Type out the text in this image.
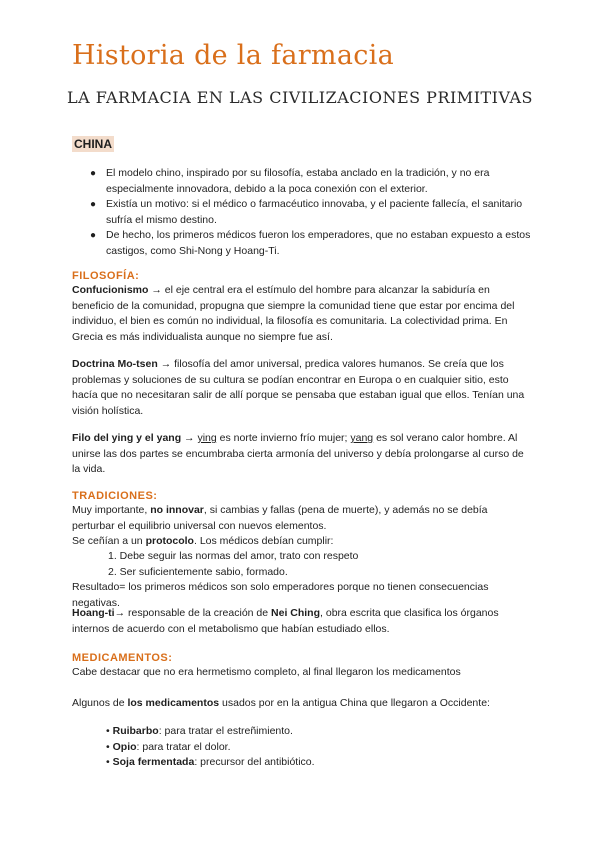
Historia de la farmacia
LA FARMACIA EN LAS CIVILIZACIONES PRIMITIVAS
CHINA
● El modelo chino, inspirado por su filosofía, estaba anclado en la tradición, y no era especialmente innovadora, debido a la poca conexión con el exterior.
● Existía un motivo: si el médico o farmacéutico innovaba, y el paciente fallecía, el sanitario sufría el mismo destino.
● De hecho, los primeros médicos fueron los emperadores, que no estaban expuesto a estos castigos, como Shi-Nong y Hoang-Ti.
FILOSOFÍA:

Confucionismo → el eje central era el estímulo del hombre para alcanzar la sabiduría en beneficio de la comunidad, propugna que siempre la comunidad tiene que estar por encima del individuo, el bien es común no individual, la filosofía es comunitaria. La colectividad prima. En Grecia es más individualista aunque no siempre fue así.

Doctrina Mo-tsen → filosofía del amor universal, predica valores humanos. Se creía que los problemas y soluciones de su cultura se podían encontrar en Europa o en cualquier sitio, esto hacía que no necesitaran salir de allí porque se pensaba que estaban igual que ellos. Tenían una visión holística.

Filo del ying y el yang → ying es norte invierno frío mujer; yang es sol verano calor hombre. Al unirse las dos partes se encumbraba cierta armonía del universo y debía prolongarse al curso de la vida.

TRADICIONES:

Muy importante, no innovar, si cambias y fallas (pena de muerte), y además no se debía perturbar el equilibrio universal con nuevos elementos.

Se ceñían a un protocolo. Los médicos debían cumplir:

1. Debe seguir las normas del amor, trato con respeto
2. Ser suficientemente sabio, formado.

Resultado= los primeros médicos son solo emperadores porque no tienen consecuencias negativas.

Hoang-ti→ responsable de la creación de Nei Ching, obra escrita que clasifica los órganos internos de acuerdo con el metabolismo que habían estudiado ellos.

MEDICAMENTOS:

Cabe destacar que no era hermetismo completo, al final llegaron los medicamentos

Algunos de los medicamentos usados por en la antigua China que llegaron a Occidente:

• Ruibarbo: para tratar el estreñimiento.
• Opio: para tratar el dolor.
• Soja fermentada: precursor del antibiótico.
